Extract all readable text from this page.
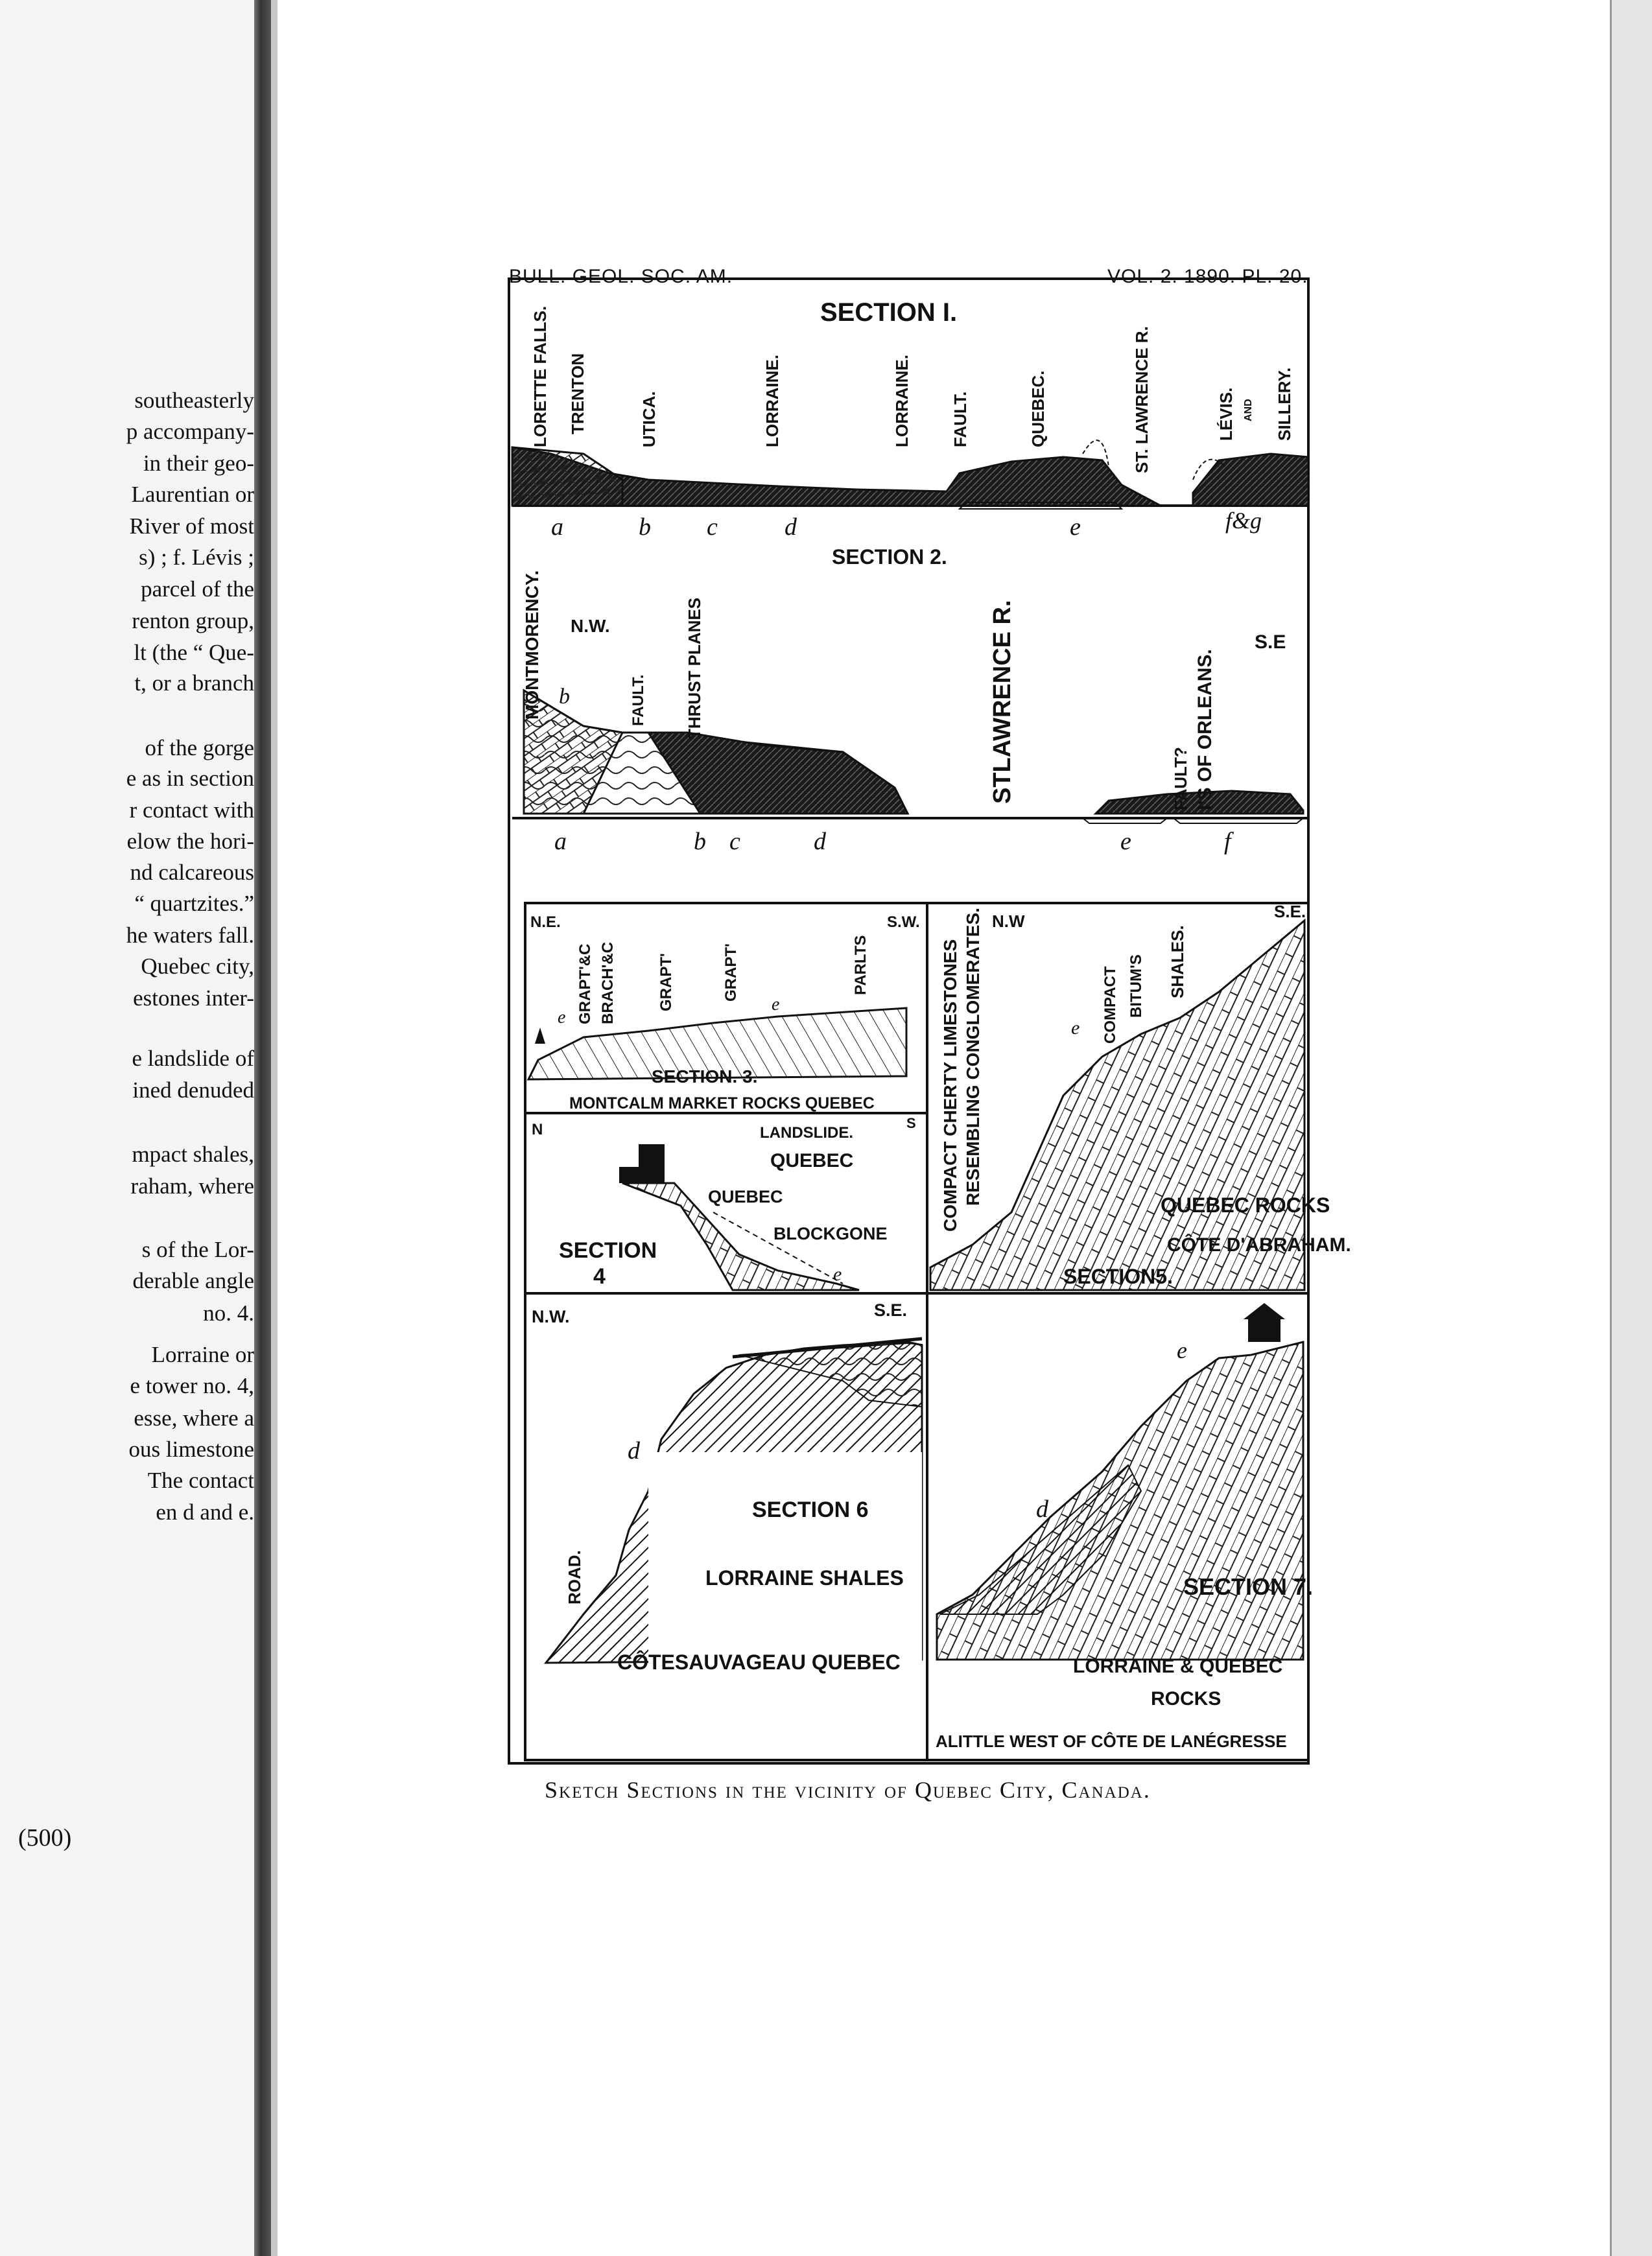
southeasterly
p accompany-
in their geo-
Laurentian or
River of most
s) ; f. Lévis ;
parcel of the
renton group,
lt (the “ Que-
t, or a branch
of the gorge
e as in section
r contact with
elow the hori-
nd calcareous
“ quartzites.”
he waters fall.
Quebec city,
estones inter-
e landslide of
ined denuded
mpact shales,
raham, where
s of the Lor-
derable angle
no. 4.
Lorraine or
e tower no. 4,
esse, where a
ous limestone
The contact
en d and e.
(500)
BULL. GEOL. SOC. AM.	VOL. 2. 1890. PL. 20.
SECTION I.
LORETTE FALLS. TRENTON	UTICA.	LORRAINE.	LORRAINE. FAULT.	QUEBEC.	ST. LAWRENCE R.	LÉVIS. AND SILLERY.
a	b c	d	e	f&g
SECTION 2.
MONTMORENCY. N.W.
FAULT. THRUST PLANES	STLAWRENCE R.	FAULT? I'S OF ORLEANS.
S.E
b
a	b c	d	e	f
N.E.	S.W.
GRAPT'&C BRACH'&C	GRAPT'	GRAPT'	PARLTS
e
e
SECTION. 3.
MONTCALM MARKET ROCKS QUEBEC
N	S
LANDSLIDE.
QUEBEC
QUEBEC
BLOCKGONE
e
SECTION
4
COMPACT CHERTY LIMESTONES RESEMBLING CONGLOMERATES. N.W	S.E.
COMPACT BITUM'S SHALES.
e
QUEBEC ROCKS
CÔTE D'ABRAHAM.
SECTION5.
N.W.	S.E.
d
ROAD.
SECTION 6
LORRAINE SHALES
CÔTESAUVAGEAU QUEBEC
e
d
SECTION 7.
LORRAINE & QUEBEC
ROCKS
ALITTLE WEST OF CÔTE DE LANÉGRESSE
Sketch Sections in the vicinity of Quebec City, Canada.
